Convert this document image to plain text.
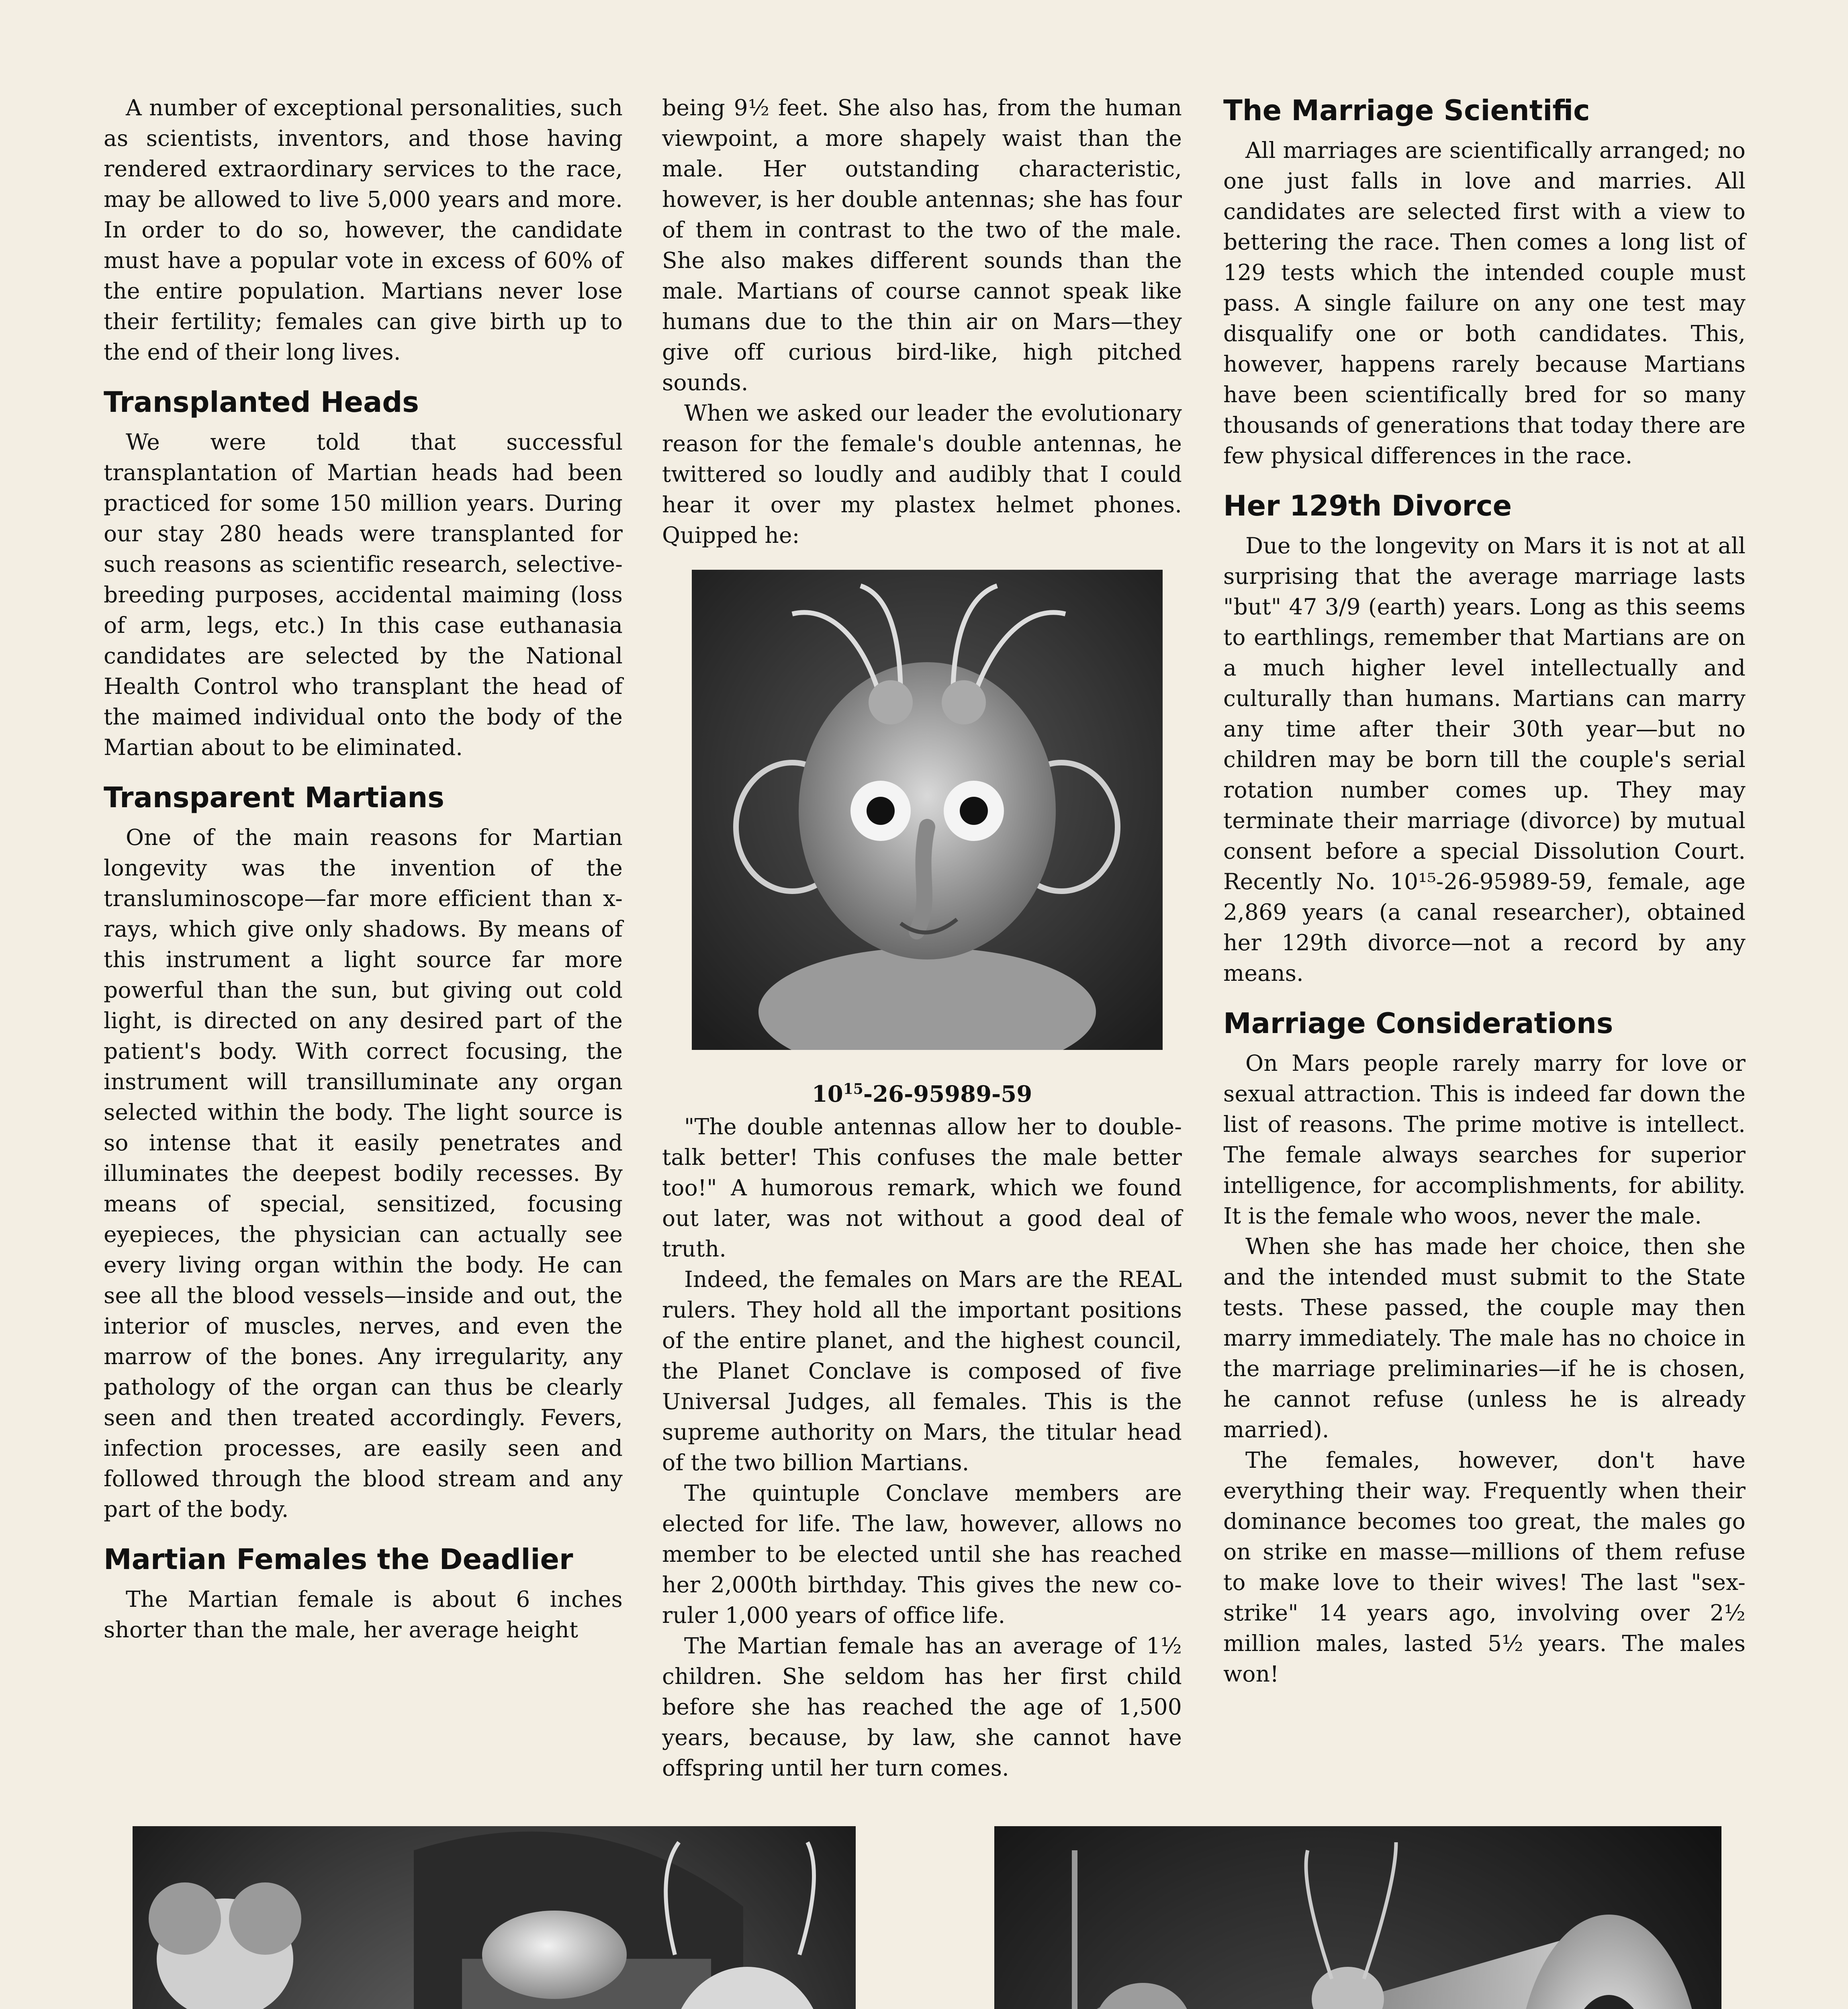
A number of exceptional personalities, such as scientists, inventors, and those having rendered extraordinary services to the race, may be allowed to live 5,000 years and more. In order to do so, however, the candidate must have a popular vote in excess of 60% of the entire population. Martians never lose their fertility; females can give birth up to the end of their long lives.

Transplanted Heads

We were told that successful transplantation of Martian heads had been practiced for some 150 million years. During our stay 280 heads were transplanted for such reasons as scientific research, selective-breeding purposes, accidental maiming (loss of arm, legs, etc.) In this case euthanasia candidates are selected by the National Health Control who transplant the head of the maimed individual onto the body of the Martian about to be eliminated.

Transparent Martians

One of the main reasons for Martian longevity was the invention of the transluminoscope—far more efficient than x-rays, which give only shadows. By means of this instrument a light source far more powerful than the sun, but giving out cold light, is directed on any desired part of the patient's body. With correct focusing, the instrument will transilluminate any organ selected within the body. The light source is so intense that it easily penetrates and illuminates the deepest bodily recesses. By means of special, sensitized, focusing eyepieces, the physician can actually see every living organ within the body. He can see all the blood vessels—inside and out, the interior of muscles, nerves, and even the marrow of the bones. Any irregularity, any pathology of the organ can thus be clearly seen and then treated accordingly. Fevers, infection processes, are easily seen and followed through the blood stream and any part of the body.

Martian Females the Deadlier

The Martian female is about 6 inches shorter than the male, her average height

being 9½ feet. She also has, from the human viewpoint, a more shapely waist than the male. Her outstanding characteristic, however, is her double antennas; she has four of them in contrast to the two of the male. She also makes different sounds than the male. Martians of course cannot speak like humans due to the thin air on Mars—they give off curious bird-like, high pitched sounds.

When we asked our leader the evolutionary reason for the female's double antennas, he twittered so loudly and audibly that I could hear it over my plastex helmet phones. Quipped he:

$10^{15}-26-95989-59$

"The double antennas allow her to double-talk better! This confuses the male better too!" A humorous remark, which we found out later, was not without a good deal of truth.

Indeed, the females on Mars are the REAL rulers. They hold all the important positions of the entire planet, and the highest council, the Planet Conclave is composed of five Universal Judges, all females. This is the supreme authority on Mars, the titular head of the two billion Martians.

The quintuple Conclave members are elected for life. The law, however, allows no member to be elected until she has reached her 2,000th birthday. This gives the new co-ruler 1,000 years of office life.

The Martian female has an average of 1½ children. She seldom has her first child before she has reached the age of 1,500 years, because, by law, she cannot have offspring until her turn comes.

The Marriage Scientific

All marriages are scientifically arranged; no one just falls in love and marries. All candidates are selected first with a view to bettering the race. Then comes a long list of 129 tests which the intended couple must pass. A single failure on any one test may disqualify one or both candidates. This, however, happens rarely because Martians have been scientifically bred for so many thousands of generations that today there are few physical differences in the race.

Her 129th Divorce

Due to the longevity on Mars it is not at all surprising that the average marriage lasts "but" 47 3/9 (earth) years. Long as this seems to earthlings, remember that Martians are on a much higher level intellectually and culturally than humans. Martians can marry any time after their 30th year—but no children may be born till the couple's serial rotation number comes up. They may terminate their marriage (divorce) by mutual consent before a special Dissolution Court. Recently No. 10¹⁵-26-95989-59, female, age 2,869 years (a canal researcher), obtained her 129th divorce—not a record by any means.

Marriage Considerations

On Mars people rarely marry for love or sexual attraction. This is indeed far down the list of reasons. The prime motive is intellect. The female always searches for superior intelligence, for accomplishments, for ability. It is the female who woos, never the male.

When she has made her choice, then she and the intended must submit to the State tests. These passed, the couple may then marry immediately. The male has no choice in the marriage preliminaries—if he is chosen, he cannot refuse (unless he is already married).

The females, however, don't have everything their way. Frequently when their dominance becomes too great, the males go on strike en masse—millions of them refuse to make love to their wives! The last "sex-strike" 14 years ago, involving over 2½ million males, lasted 5½ years. The males won!
